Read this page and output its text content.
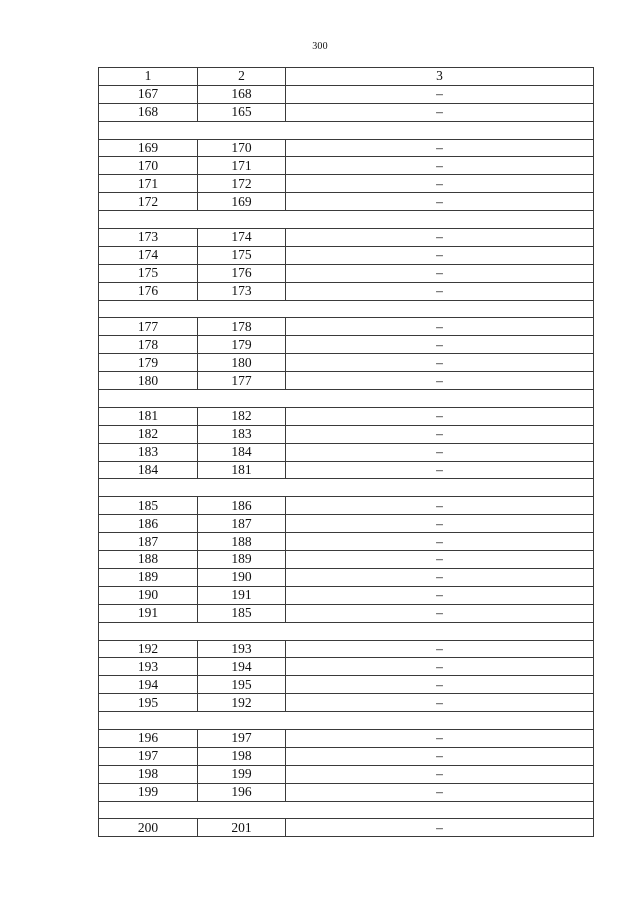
300
1	2	3
167	168	–
168	165	–

169	170	–
170	171	–
171	172	–
172	169	–

173	174	–
174	175	–
175	176	–
176	173	–

177	178	–
178	179	–
179	180	–
180	177	–

181	182	–
182	183	–
183	184	–
184	181	–

185	186	–
186	187	–
187	188	–
188	189	–
189	190	–
190	191	–
191	185	–

192	193	–
193	194	–
194	195	–
195	192	–

196	197	–
197	198	–
198	199	–
199	196	–

200	201	–
